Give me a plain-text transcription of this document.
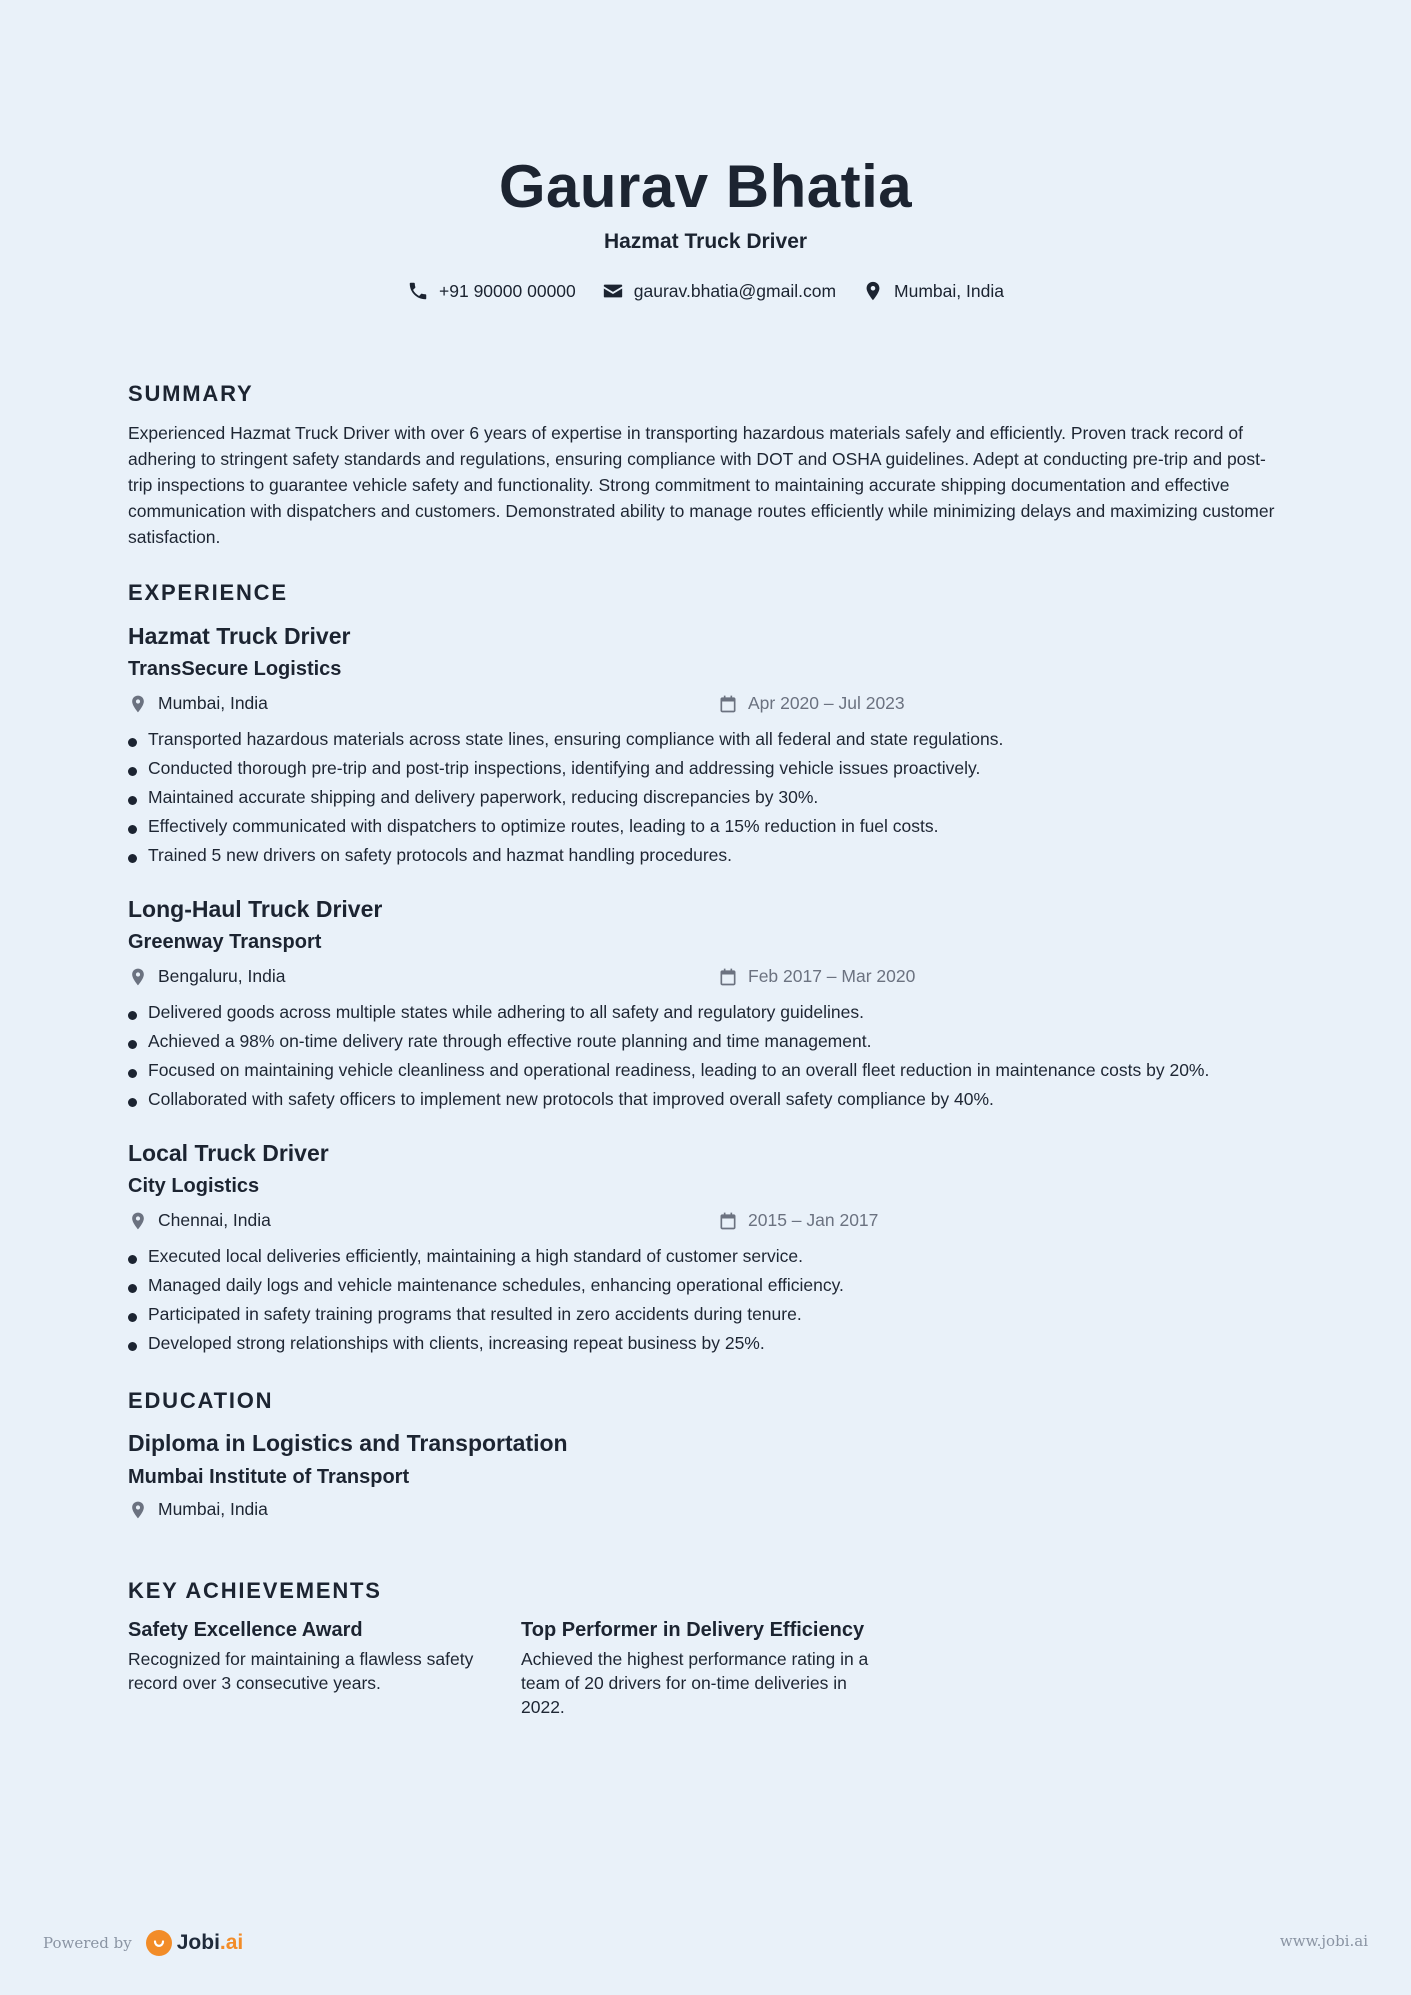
Gaurav Bhatia
Hazmat Truck Driver
+91 90000 00000	gaurav.bhatia@gmail.com	Mumbai, India
SUMMARY
Experienced Hazmat Truck Driver with over 6 years of expertise in transporting hazardous materials safely and efficiently. Proven track record of adhering to stringent safety standards and regulations, ensuring compliance with DOT and OSHA guidelines. Adept at conducting pre-trip and post-trip inspections to guarantee vehicle safety and functionality. Strong commitment to maintaining accurate shipping documentation and effective communication with dispatchers and customers. Demonstrated ability to manage routes efficiently while minimizing delays and maximizing customer satisfaction.
EXPERIENCE
Hazmat Truck Driver
TransSecure Logistics
Mumbai, India	Apr 2020 – Jul 2023
Transported hazardous materials across state lines, ensuring compliance with all federal and state regulations.
Conducted thorough pre-trip and post-trip inspections, identifying and addressing vehicle issues proactively.
Maintained accurate shipping and delivery paperwork, reducing discrepancies by 30%.
Effectively communicated with dispatchers to optimize routes, leading to a 15% reduction in fuel costs.
Trained 5 new drivers on safety protocols and hazmat handling procedures.
Long-Haul Truck Driver
Greenway Transport
Bengaluru, India	Feb 2017 – Mar 2020
Delivered goods across multiple states while adhering to all safety and regulatory guidelines.
Achieved a 98% on-time delivery rate through effective route planning and time management.
Focused on maintaining vehicle cleanliness and operational readiness, leading to an overall fleet reduction in maintenance costs by 20%.
Collaborated with safety officers to implement new protocols that improved overall safety compliance by 40%.
Local Truck Driver
City Logistics
Chennai, India	2015 – Jan 2017
Executed local deliveries efficiently, maintaining a high standard of customer service.
Managed daily logs and vehicle maintenance schedules, enhancing operational efficiency.
Participated in safety training programs that resulted in zero accidents during tenure.
Developed strong relationships with clients, increasing repeat business by 25%.
EDUCATION
Diploma in Logistics and Transportation
Mumbai Institute of Transport
Mumbai, India
KEY ACHIEVEMENTS
Safety Excellence Award
Recognized for maintaining a flawless safety record over 3 consecutive years.
Top Performer in Delivery Efficiency
Achieved the highest performance rating in a team of 20 drivers for on-time deliveries in 2022.
Powered by Jobi.ai	www.jobi.ai
